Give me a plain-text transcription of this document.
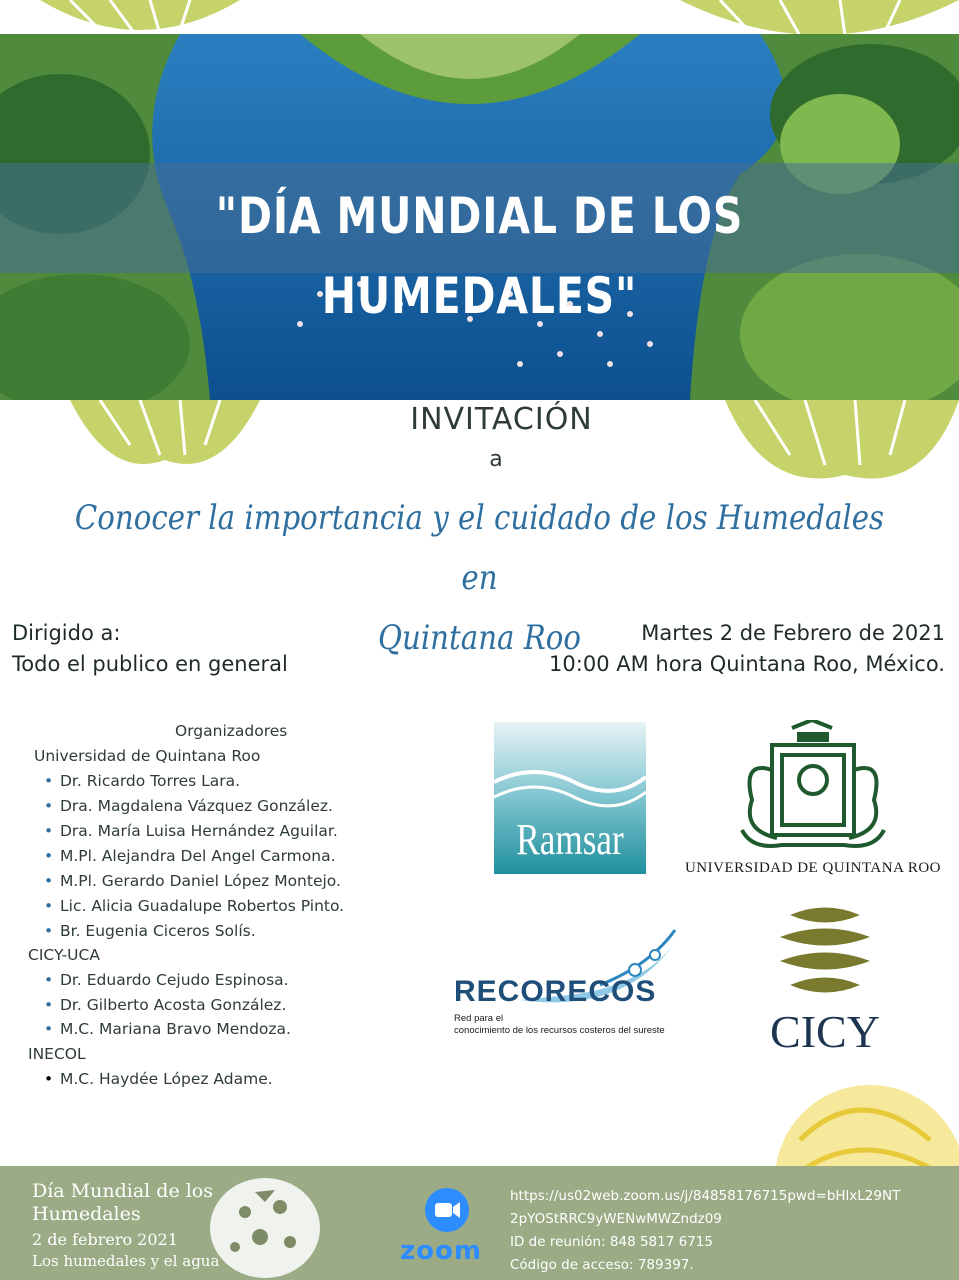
"DÍA MUNDIAL DE LOS HUMEDALES"
INVITACIÓN
a
Conocer la importancia y el cuidado de los Humedales en
Quintana Roo
Dirigido a:
Todo el publico en general
Martes 2 de Febrero de 2021
10:00 AM hora Quintana Roo, México.
Organizadores
Universidad de Quintana Roo
• Dr. Ricardo Torres Lara.
• Dra. Magdalena Vázquez González.
• Dra. María Luisa Hernández Aguilar.
• M.Pl. Alejandra Del Angel Carmona.
• M.Pl. Gerardo Daniel López Montejo.
• Lic. Alicia Guadalupe Robertos Pinto.
• Br. Eugenia Ciceros Solís.
CICY-UCA
• Dr. Eduardo Cejudo Espinosa.
• Dr. Gilberto Acosta González.
• M.C. Mariana Bravo Mendoza.
INECOL
• M.C. Haydée López Adame.
Ramsar
UNIVERSIDAD DE QUINTANA ROO
RECORECOS
Red para el
conocimiento de los recursos costeros del sureste	CICY
Día Mundial de los Humedales
2 de febrero 2021
Los humedales y el agua	zoom
https://us02web.zoom.us/j/84858176715pwd=bHlxL29NT
2pYOStRRC9yWENwMWZndz09
ID de reunión: 848 5817 6715
Código de acceso: 789397.
